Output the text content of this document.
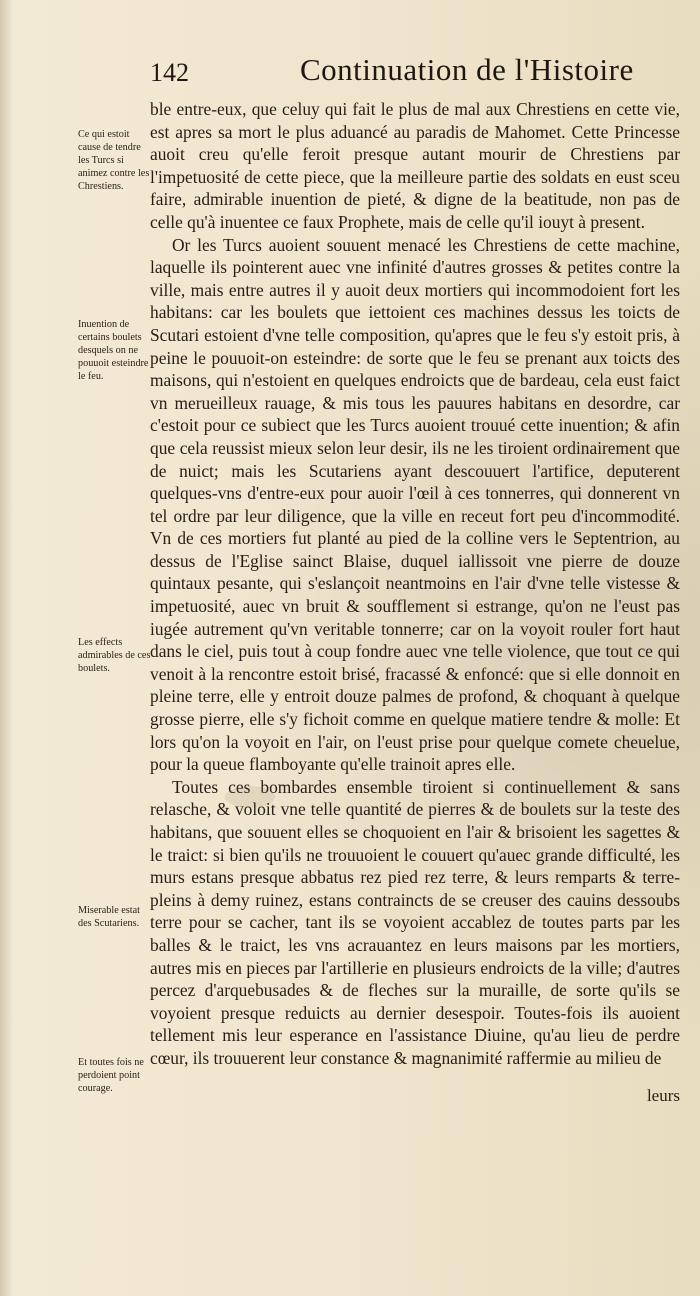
142	Continuation de l'Histoire
Ce qui estoit cause de tendre les Turcs si animez contre les Chrestiens.
Inuention de certains boulets desquels on ne pouuoit esteindre le feu.
Les effects admirables de ces boulets.
Miserable estat des Scutariens.
Et toutes fois ne perdoient point courage.

ble entre-eux, que celuy qui fait le plus de mal aux Chrestiens en cette vie, est apres sa mort le plus aduancé au paradis de Mahomet. Cette Princesse auoit creu qu'elle feroit presque autant mourir de Chrestiens par l'impetuosité de cette piece, que la meilleure partie des soldats en eust sceu faire, admirable inuention de pieté, & digne de la beatitude, non pas de celle qu'à inuentee ce faux Prophete, mais de celle qu'il iouyt à present.

Or les Turcs auoient souuent menacé les Chrestiens de cette machine, laquelle ils pointerent auec vne infinité d'autres grosses & petites contre la ville, mais entre autres il y auoit deux mortiers qui incommodoient fort les habitans: car les boulets que iettoient ces machines dessus les toicts de Scutari estoient d'vne telle composition, qu'apres que le feu s'y estoit pris, à peine le pouuoit-on esteindre: de sorte que le feu se prenant aux toicts des maisons, qui n'estoient en quelques endroicts que de bardeau, cela eust faict vn merueilleux rauage, & mis tous les pauures habitans en desordre, car c'estoit pour ce subiect que les Turcs auoient trouué cette inuention; & afin que cela reussist mieux selon leur desir, ils ne les tiroient ordinairement que de nuict; mais les Scutariens ayant descouuert l'artifice, deputerent quelques-vns d'entre-eux pour auoir l'œil à ces tonnerres, qui donnerent vn tel ordre par leur diligence, que la ville en receut fort peu d'incommodité. Vn de ces mortiers fut planté au pied de la colline vers le Septentrion, au dessus de l'Eglise sainct Blaise, duquel iallissoit vne pierre de douze quintaux pesante, qui s'eslançoit neantmoins en l'air d'vne telle vistesse & impetuosité, auec vn bruit & soufflement si estrange, qu'on ne l'eust pas iugée autrement qu'vn veritable tonnerre; car on la voyoit rouler fort haut dans le ciel, puis tout à coup fondre auec vne telle violence, que tout ce qui venoit à la rencontre estoit brisé, fracassé & enfoncé: que si elle donnoit en pleine terre, elle y entroit douze palmes de profond, & choquant à quelque grosse pierre, elle s'y fichoit comme en quelque matiere tendre & molle: Et lors qu'on la voyoit en l'air, on l'eust prise pour quelque comete cheuelue, pour la queue flamboyante qu'elle trainoit apres elle.

Toutes ces bombardes ensemble tiroient si continuellement & sans relasche, & voloit vne telle quantité de pierres & de boulets sur la teste des habitans, que souuent elles se choquoient en l'air & brisoient les sagettes & le traict: si bien qu'ils ne trouuoient le couuert qu'auec grande difficulté, les murs estans presque abbatus rez pied rez terre, & leurs remparts & terre-pleins à demy ruinez, estans contraincts de se creuser des cauins dessoubs terre pour se cacher, tant ils se voyoient accablez de toutes parts par les balles & le traict, les vns acrauantez en leurs maisons par les mortiers, autres mis en pieces par l'artillerie en plusieurs endroicts de la ville; d'autres percez d'arquebusades & de fleches sur la muraille, de sorte qu'ils se voyoient presque reduicts au dernier desespoir. Toutes-fois ils auoient tellement mis leur esperance en l'assistance Diuine, qu'au lieu de perdre cœur, ils trouuerent leur constance & magnanimité raffermie au milieu de

leurs
